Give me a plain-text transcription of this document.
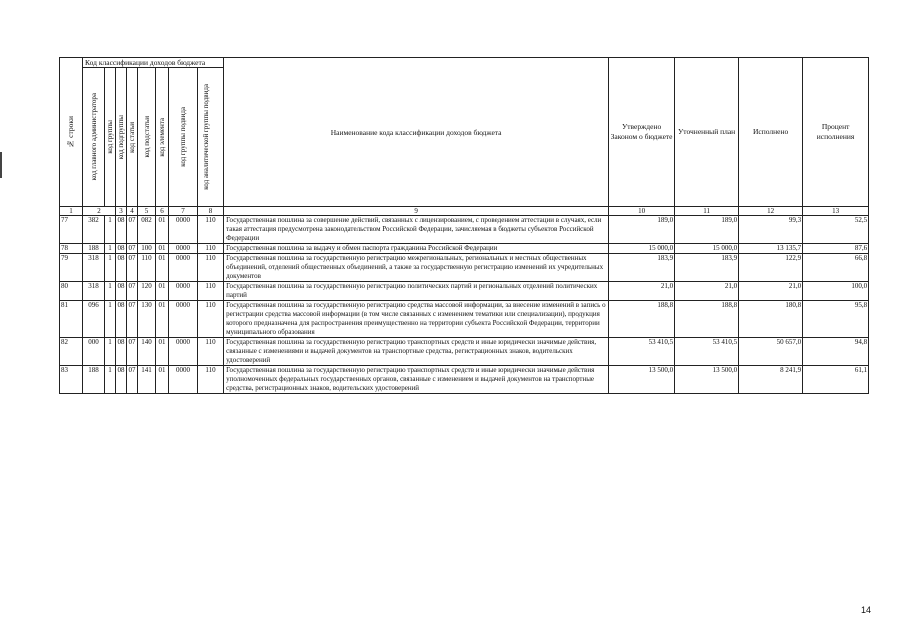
№ строки	Код классификации доходов бюджета								Наименование кода классификации доходов бюджета	Утверждено Законом о бюджете	Уточненный план	Исполнено	Процент исполнения

	код главного администратора	код группы	код подгруппы	код статьи	код подстатьи	код элемента	код группы подвида	код аналитической группы подвида					

1	2		3	4	5	6	7	8	9	10	11	12	13
77	382	1	08	07	082	01	0000	110	Государственная пошлина за совершение действий, связанных с лицензированием, с проведением аттестации в случаях, если такая аттестация предусмотрена законодательством Российской Федерации, зачисляемая в бюджеты субъектов Российской Федерации	189,0	189,0	99,3	52,5
78	188	1	08	07	100	01	0000	110	Государственная пошлина за выдачу и обмен паспорта гражданина Российской Федерации	15 000,0	15 000,0	13 135,7	87,6
79	318	1	08	07	110	01	0000	110	Государственная пошлина за государственную регистрацию межрегиональных, региональных и местных общественных объединений, отделений общественных объединений, а также за государственную регистрацию изменений их учредительных документов	183,9	183,9	122,9	66,8
80	318	1	08	07	120	01	0000	110	Государственная пошлина за государственную регистрацию политических партий и региональных отделений политических партий	21,0	21,0	21,0	100,0
81	096	1	08	07	130	01	0000	110	Государственная пошлина за государственную регистрацию средства массовой информации, за внесение изменений в запись о регистрации средства массовой информации (в том числе связанных с изменением тематики или специализации), продукция которого предназначена для распространения преимущественно на территории субъекта Российской Федерации, территории муниципального образования	188,8	188,8	180,8	95,8
82	000	1	08	07	140	01	0000	110	Государственная пошлина за государственную регистрацию транспортных средств и иные юридически значимые действия, связанные с изменениями и выдачей документов на транспортные средства, регистрационных знаков, водительских удостоверений	53 410,5	53 410,5	50 657,0	94,8
83	188	1	08	07	141	01	0000	110	Государственная пошлина за государственную регистрацию транспортных средств и иные юридически значимые действия уполномоченных федеральных государственных органов, связанные с изменением и выдачей документов на транспортные средства, регистрационных знаков, водительских удостоверений	13 500,0	13 500,0	8 241,9	61,1
14
